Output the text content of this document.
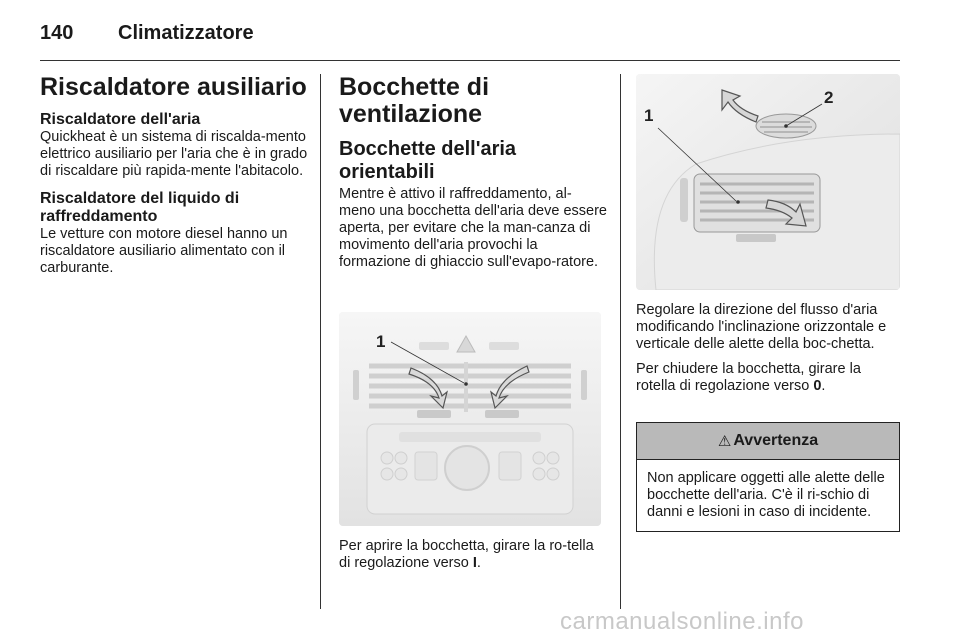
140 Climatizzatore
Riscaldatore ausiliario
Riscaldatore dell'aria

Quickheat è un sistema di riscalda-mento elettrico ausiliario per l'aria che è in grado di riscaldare più rapida-mente l'abitacolo.

Riscaldatore del liquido di raffreddamento

Le vetture con motore diesel hanno un riscaldatore ausiliario alimentato con il carburante.

Bocchette di ventilazione
Bocchette dell'aria orientabili

Mentre è attivo il raffreddamento, al-meno una bocchetta dell'aria deve essere aperta, per evitare che la man-canza di movimento dell'aria provochi la formazione di ghiaccio sull'evapo-ratore.

1
Per aprire la bocchetta, girare la ro-tella di regolazione verso I.
1
2

Regolare la direzione del flusso d'aria modificando l'inclinazione orizzontale e verticale delle alette della boc-chetta.

Per chiudere la bocchetta, girare la rotella di regolazione verso 0.

⚠ Avvertenza
Non applicare oggetti alle alette delle bocchette dell'aria. C'è il ri-schio di danni e lesioni in caso di incidente.
carmanualsonline.info
